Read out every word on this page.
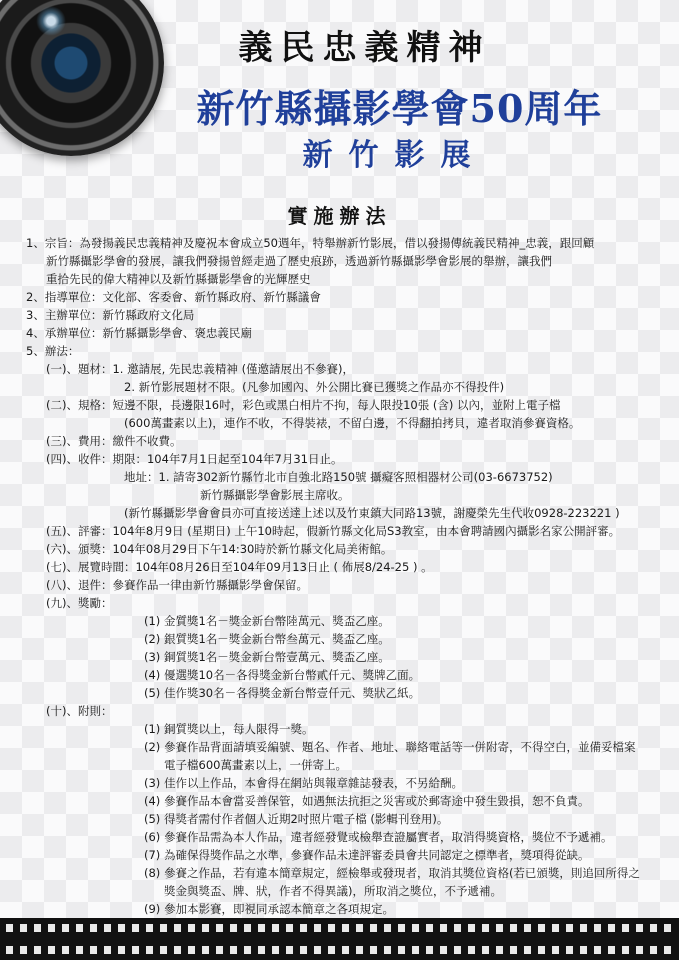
義民忠義精神
新竹縣攝影學會50周年
新竹影展
實施辦法
1、宗旨：為發揚義民忠義精神及慶祝本會成立50週年，特舉辦新竹影展，借以發揚傳統義民精神_忠義，跟回顧
新竹縣攝影學會的發展，讓我們發揚曾經走過了歷史痕跡，透過新竹縣攝影學會影展的舉辦，讓我們
重拾先民的偉大精神以及新竹縣攝影學會的光輝歷史
2、指導單位：文化部、客委會、新竹縣政府、新竹縣議會
3、主辦單位：新竹縣政府文化局
4、承辦單位：新竹縣攝影學會、褒忠義民廟
5、辦法：
(一)、題材：1. 邀請展, 先民忠義精神 (僅邀請展出不參賽)，
2. 新竹影展題材不限。(凡參加國內、外公開比賽已獲獎之作品亦不得投件)
(二)、規格：短邊不限，長邊限16吋，彩色或黑白相片不拘，每人限投10張 (含) 以內，並附上電子檔
(600萬畫素以上)，連作不收，不得裝裱，不留白邊，不得翻拍拷貝，違者取消參賽資格。
(三)、費用：繳件不收費。
(四)、收件：期限：104年7月1日起至104年7月31日止。
地址：1. 請寄302新竹縣竹北市自強北路150號 攝癡客照相器材公司(03-6673752)
新竹縣攝影學會影展主席收。
(新竹縣攝影學會會員亦可直接送達上述以及竹東鎮大同路13號，謝慶榮先生代收0928-223221 )
(五)、評審：104年8月9日 (星期日) 上午10時起，假新竹縣文化局S3教室，由本會聘請國內攝影名家公開評審。
(六)、頒獎：104年08月29日下午14:30時於新竹縣文化局美術館。
(七)、展覽時間：104年08月26日至104年09月13日止 ( 佈展8/24-25 ) 。
(八)、退件：參賽作品一律由新竹縣攝影學會保留。
(九)、獎勵：
(1) 金質獎1名－獎金新台幣陸萬元、獎盃乙座。
(2) 銀質獎1名－獎金新台幣叁萬元、獎盃乙座。
(3) 銅質獎1名－獎金新台幣壹萬元、獎盃乙座。
(4) 優選獎10名－各得獎金新台幣貳仟元、獎牌乙面。
(5) 佳作獎30名－各得獎金新台幣壹仟元、獎狀乙紙。
(十)、附則：
(1) 銅質獎以上，每人限得一獎。
(2) 參賽作品背面請填妥編號、題名、作者、地址、聯絡電話等一併附寄，不得空白，並備妥檔案
電子檔600萬畫素以上，一併寄上。
(3) 佳作以上作品，本會得在網站與報章雜誌發表，不另給酬。
(4) 參賽作品本會當妥善保管，如遇無法抗拒之災害或於郵寄途中發生毀損，恕不負責。
(5) 得獎者需付作者個人近期2吋照片電子檔 (影輯刊登用)。
(6) 參賽作品需為本人作品，違者經發覺或檢舉查證屬實者，取消得獎資格，獎位不予遞補。
(7) 為確保得獎作品之水準，參賽作品未達評審委員會共同認定之標準者，獎項得從缺。
(8) 參賽之作品，若有違本簡章規定，經檢舉或發現者，取消其獎位資格(若已頒獎，則追回所得之
獎金與獎盃、牌、狀，作者不得異議)，所取消之獎位，不予遞補。
(9) 參加本影賽，即視同承認本簡章之各項規定。
